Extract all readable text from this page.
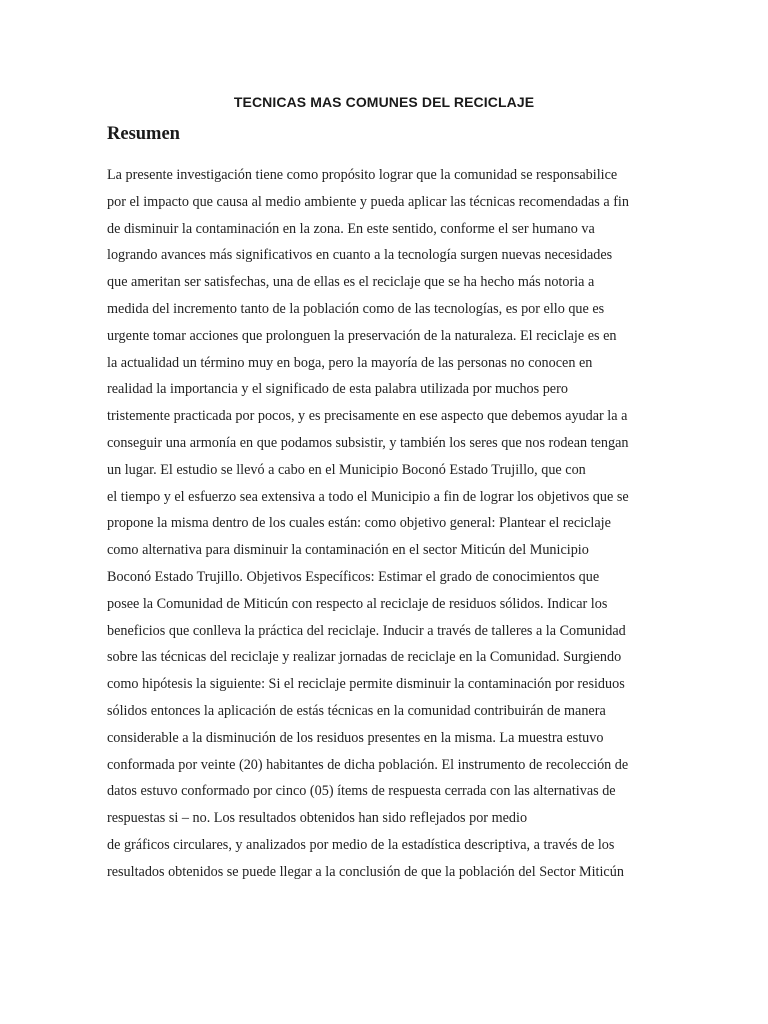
TECNICAS MAS COMUNES DEL RECICLAJE
Resumen
La presente investigación tiene como propósito lograr que la comunidad se responsabilice
por el impacto que causa al medio ambiente y pueda aplicar las técnicas recomendadas a fin
de disminuir la contaminación en la zona. En este sentido, conforme el ser humano va
logrando avances más significativos en cuanto a la tecnología surgen nuevas necesidades
que ameritan ser satisfechas, una de ellas es el reciclaje que se ha hecho más notoria a
medida del incremento tanto de la población como de las tecnologías, es por ello que es
urgente tomar acciones que prolonguen la preservación de la naturaleza. El reciclaje es en
la actualidad un término muy en boga, pero la mayoría de las personas no conocen en
realidad la importancia y el significado de esta palabra utilizada por muchos pero
tristemente practicada por pocos, y es precisamente en ese aspecto que debemos ayudar la a
conseguir una armonía en que podamos subsistir, y también los seres que nos rodean tengan
un lugar. El estudio se llevó a cabo en el Municipio Boconó Estado Trujillo, que con
el tiempo y el esfuerzo sea extensiva a todo el Municipio a fin de lograr los objetivos que se
propone la misma dentro de los cuales están: como objetivo general: Plantear el reciclaje
como alternativa para disminuir la contaminación en el sector Miticún del Municipio
Boconó Estado Trujillo. Objetivos Específicos: Estimar el grado de conocimientos que
posee la Comunidad de Miticún con respecto al reciclaje de residuos sólidos. Indicar los
beneficios que conlleva la práctica del reciclaje. Inducir a través de talleres a la Comunidad
sobre las técnicas del reciclaje y realizar jornadas de reciclaje en la Comunidad. Surgiendo
como hipótesis la siguiente: Si el reciclaje permite disminuir la contaminación por residuos
sólidos entonces la aplicación de estás técnicas en la comunidad contribuirán de manera
considerable a la disminución de los residuos presentes en la misma. La muestra estuvo
conformada por veinte (20) habitantes de dicha población. El instrumento de recolección de
datos estuvo conformado por cinco (05) ítems de respuesta cerrada con las alternativas de
respuestas si – no. Los resultados obtenidos han sido reflejados por medio
de gráficos circulares, y analizados por medio de la estadística descriptiva, a través de los
resultados obtenidos se puede llegar a la conclusión de que la población del Sector Miticún
